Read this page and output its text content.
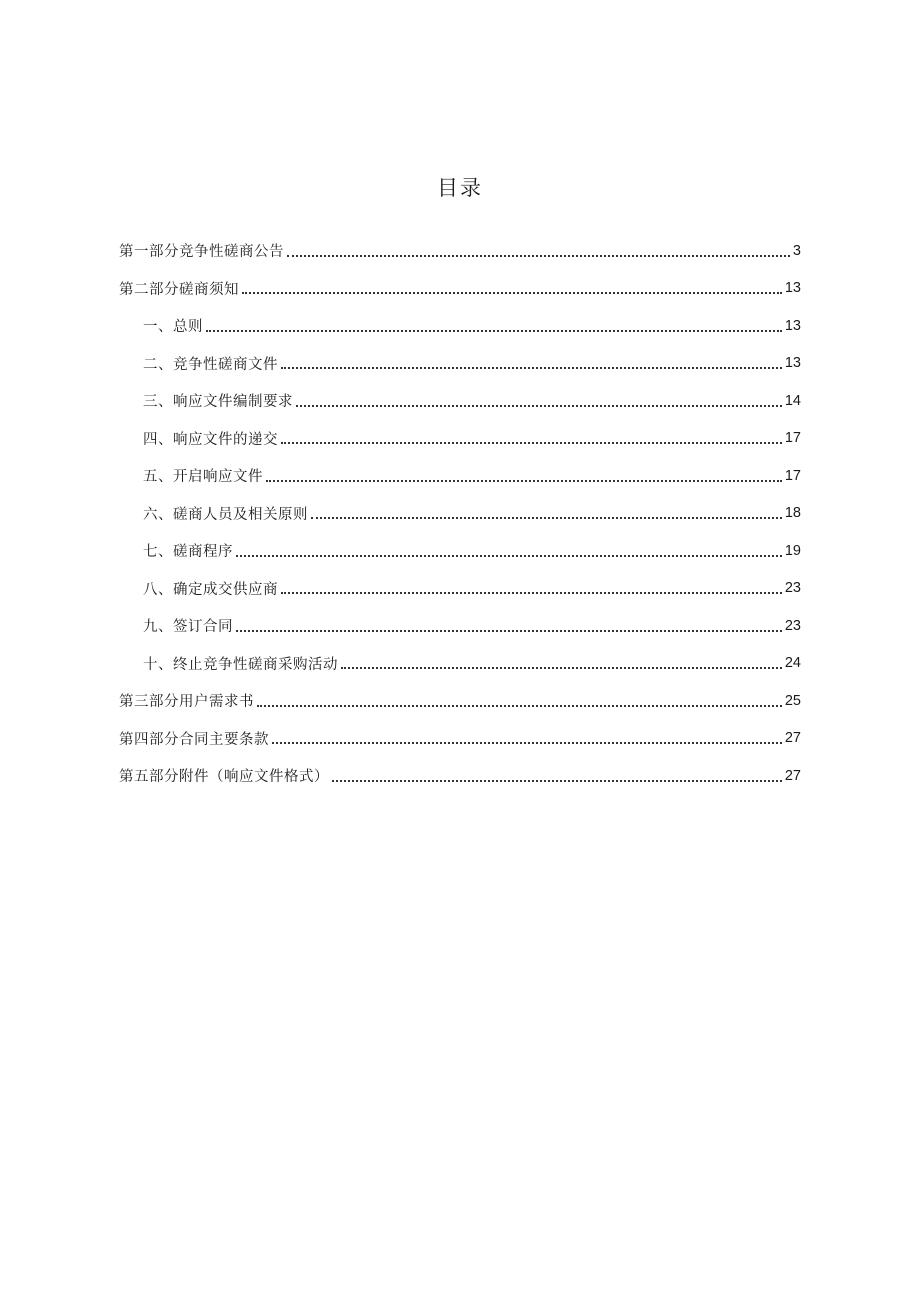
目录
第一部分竞争性磋商公告	3
第二部分磋商须知	13
一、总则	13
二、竞争性磋商文件	13
三、响应文件编制要求	14
四、响应文件的递交	17
五、开启响应文件	17
六、磋商人员及相关原则	18
七、磋商程序	19
八、确定成交供应商	23
九、签订合同	23
十、终止竞争性磋商采购活动	24
第三部分用户需求书	25
第四部分合同主要条款	27
第五部分附件（响应文件格式）	27
